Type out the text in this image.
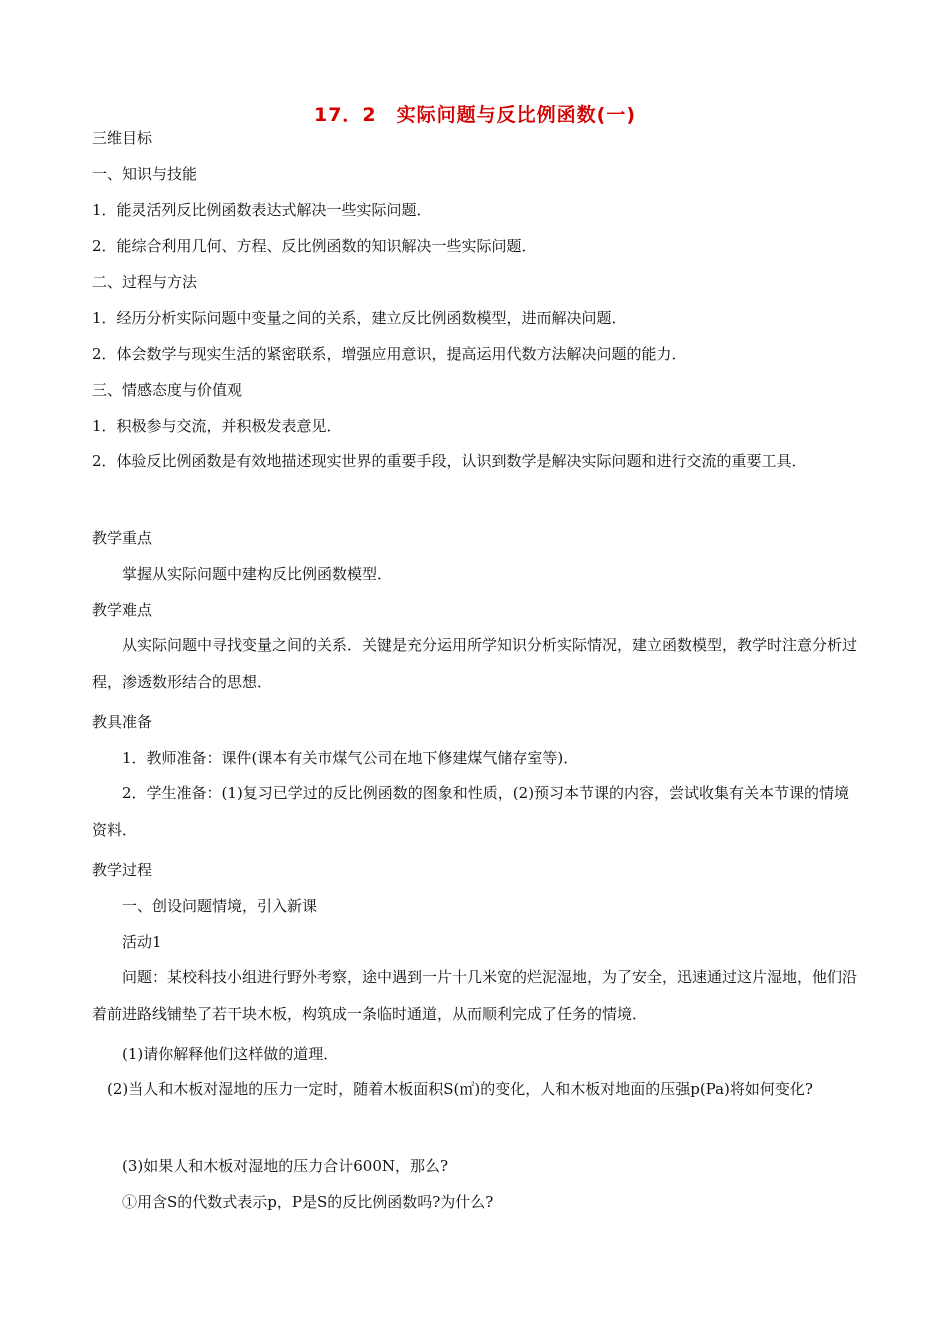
17．2　实际问题与反比例函数(一)
三维目标
一、知识与技能
1．能灵活列反比例函数表达式解决一些实际问题．
2．能综合利用几何、方程、反比例函数的知识解决一些实际问题．
二、过程与方法
1．经历分析实际问题中变量之间的关系，建立反比例函数模型，进而解决问题．
2．体会数学与现实生活的紧密联系，增强应用意识，提高运用代数方法解决问题的能力．
三、情感态度与价值观
1．积极参与交流，并积极发表意见．
2．体验反比例函数是有效地描述现实世界的重要手段，认识到数学是解决实际问题和进行交流的重要工具．
教学重点
掌握从实际问题中建构反比例函数模型．
教学难点
从实际问题中寻找变量之间的关系．关键是充分运用所学知识分析实际情况，建立函数模型，教学时注意分析过程，渗透数形结合的思想．
教具准备
1．教师准备：课件(课本有关市煤气公司在地下修建煤气储存室等)．
2．学生准备：(1)复习已学过的反比例函数的图象和性质，(2)预习本节课的内容，尝试收集有关本节课的情境资料．
教学过程
一、创设问题情境，引入新课
活动1
问题：某校科技小组进行野外考察，途中遇到一片十几米宽的烂泥湿地，为了安全，迅速通过这片湿地，他们沿着前进路线铺垫了若干块木板，构筑成一条临时通道，从而顺利完成了任务的情境．
(1)请你解释他们这样做的道理．
(2)当人和木板对湿地的压力一定时，随着木板面积S(㎡)的变化，人和木板对地面的压强p(Pa)将如何变化?
(3)如果人和木板对湿地的压力合计600N，那么?
①用含S的代数式表示p，P是S的反比例函数吗?为什么?
